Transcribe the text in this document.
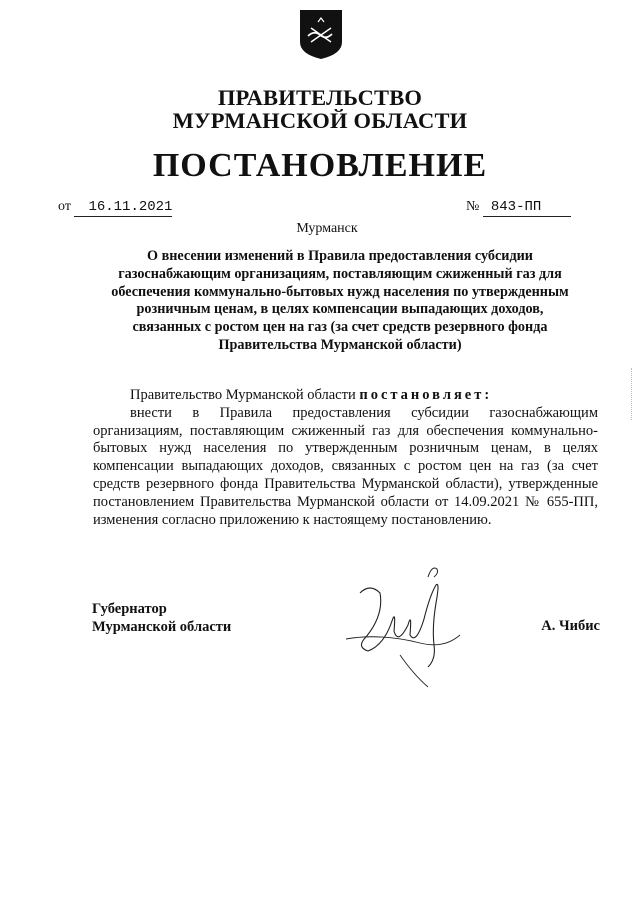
ПРАВИТЕЛЬСТВО
МУРМАНСКОЙ ОБЛАСТИ
ПОСТАНОВЛЕНИЕ
от 16.11.2021	№ 843-ПП
Мурманск
О внесении изменений в Правила предоставления субсидии
газоснабжающим организациям, поставляющим сжиженный газ для
обеспечения коммунально-бытовых нужд населения по утвержденным
розничным ценам, в целях компенсации выпадающих доходов,
связанных с ростом цен на газ (за счет средств резервного фонда
Правительства Мурманской области)
Правительство Мурманской области постановляет:
внести в Правила предоставления субсидии газоснабжающим организациям, поставляющим сжиженный газ для обеспечения коммунально-бытовых нужд населения по утвержденным розничным ценам, в целях компенсации выпадающих доходов, связанных с ростом цен на газ (за счет средств резервного фонда Правительства Мурманской области), утвержденные постановлением Правительства Мурманской области от 14.09.2021 № 655-ПП, изменения согласно приложению к настоящему постановлению.
Губернатор
Мурманской области	А. Чибис
